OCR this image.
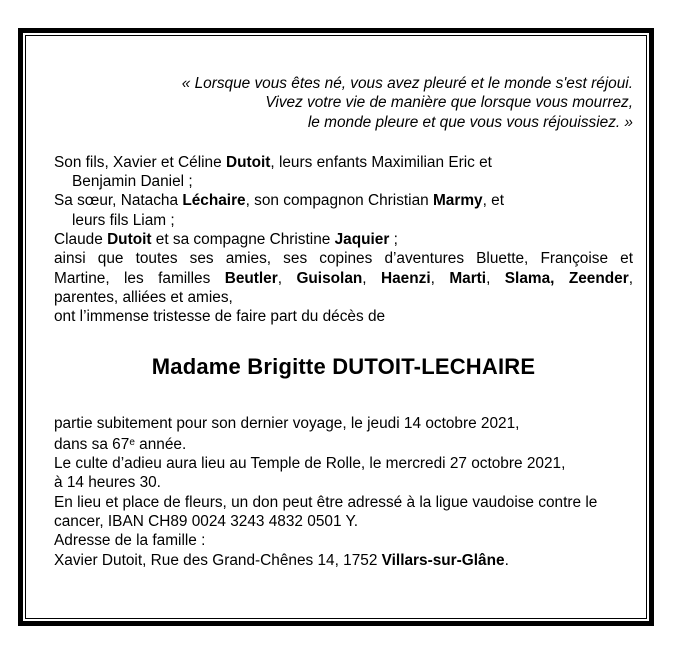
« Lorsque vous êtes né, vous avez pleuré et le monde s'est réjoui.
Vivez votre vie de manière que lorsque vous mourrez,
le monde pleure et que vous vous réjouissiez. »
Son fils, Xavier et Céline Dutoit, leurs enfants Maximilian Eric et
Benjamin Daniel ;
Sa sœur, Natacha Léchaire, son compagnon Christian Marmy, et
leurs fils Liam ;
Claude Dutoit et sa compagne Christine Jaquier ;
ainsi que toutes ses amies, ses copines d’aventures Bluette, Françoise et
Martine, les familles Beutler, Guisolan, Haenzi, Marti, Slama, Zeender,
parentes, alliées et amies,
ont l’immense tristesse de faire part du décès de
Madame Brigitte DUTOIT-LECHAIRE
partie subitement pour son dernier voyage, le jeudi 14 octobre 2021,
dans sa 67e année.
Le culte d’adieu aura lieu au Temple de Rolle, le mercredi 27 octobre 2021,
à 14 heures 30.
En lieu et place de fleurs, un don peut être adressé à la ligue vaudoise contre le
cancer, IBAN CH89 0024 3243 4832 0501 Y.
Adresse de la famille :
Xavier Dutoit, Rue des Grand-Chênes 14, 1752 Villars-sur-Glâne.
